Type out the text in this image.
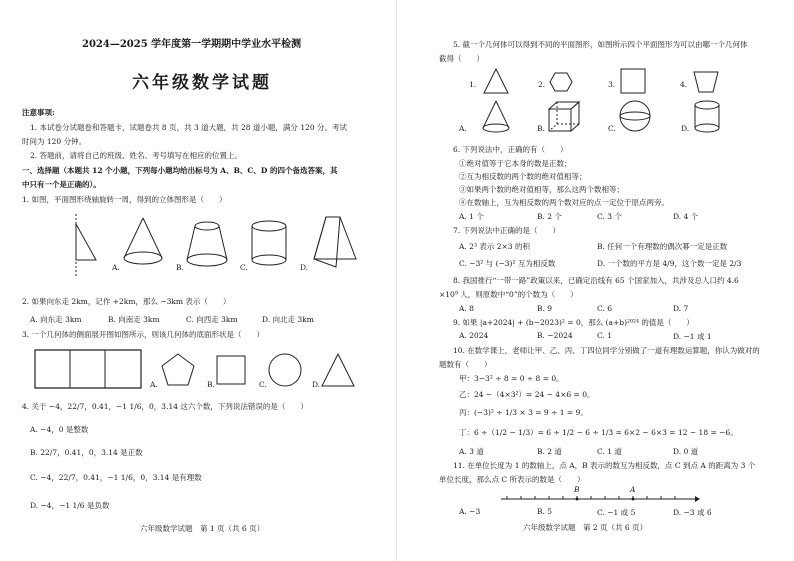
2024—2025 学年度第一学期期中学业水平检测
六年级数学试题
注意事项:
1. 本试卷分试题卷和答题卡，试题卷共 8 页，共 3 道大题，共 28 道小题，满分 120 分。考试
时间为 120 分钟。
2. 答题前，请将自己的班级、姓名、考号填写在相应的位置上。
一、选择题（本题共 12 个小题，下列每小题均给出标号为 A、B、C、D 的四个备选答案，其
中只有一个是正确的）。
1. 如图，平面图形绕轴旋转一周，得到的立体图形是（　　）
A.	B.	C.	D.
2. 如果向东走 2km，记作 +2km，那么 −3km 表示（　　）
A. 向东走 3km	B. 向南走 3km	C. 向西走 3km	D. 向北走 3km
3. 一个几何体的侧面展开图如图所示，则该几何体的底面形状是（　　）
A.	B.	C.	D.
4. 关于 −4，22/7，0.41，−1 1/6，0，3.14 这六个数，下列说法错误的是（　　）
A. −4，0 是整数
B. 22/7，0.41，0，3.14 是正数
C. −4，22/7，0.41，−1 1/6，0，3.14 是有理数
D. −4，−1 1/6 是负数
六年级数学试题　第 1 页（共 6 页）
5. 截一个几何体可以得到不同的平面图形，如图所示四个平面图形为可以由哪一个几何体
截得（　　）
1.	2.	3.	4.
A.	B.	C.	D.
6. 下列说法中，正确的有（　　）
①绝对值等于它本身的数是正数；
②互为相反数的两个数的绝对值相等；
③如果两个数的绝对值相等，那么这两个数相等；
④在数轴上，互为相反数的两个数对应的点一定位于原点两旁。
A. 1 个	B. 2 个	C. 3 个	D. 4 个
7. 下列说法中正确的是（　　）
A. 2³ 表示 2×3 的积	B. 任何一个有理数的偶次幂一定是正数
C. −3² 与 (−3)² 互为相反数	D. 一个数的平方是 4/9，这个数一定是 2/3
8. 我国推行“一带一路”政策以来，已确定沿线有 65 个国家加入，共涉及总人口约 4.6
×10⁹ 人，则原数中“0”的个数为（　　）
A. 8	B. 9	C. 6	D. 7
9. 如果 |a+2024| + (b−2023)² = 0，那么 (a+b)²⁰²⁴ 的值是（　　）
A. 2024	B. −2024	C. 1	D. −1 或 1
10. 在数学课上，老师让甲、乙、丙、丁四位同学分别做了一道有理数运算题，你认为做对的
题数有（　　）
甲：3−3² ÷ 8 = 0 ÷ 8 = 0。
乙：24 −（4×3²）= 24 − 4×6 = 0。
丙：(−3)² ÷ 1/3 × 3 = 9 ÷ 1 = 9。
丁：6 ÷（1/2 − 1/3）= 6 ÷ 1/2 − 6 ÷ 1/3 = 6×2 − 6×3 = 12 − 18 = −6。
A. 3 道	B. 2 道	C. 1 道	D. 0 道
11. 在单位长度为 1 的数轴上，点 A，B 表示的数互为相反数，点 C 到点 A 的距离为 3 个
单位长度，那么点 C 所表示的数是（　　）
B	A
A. −3	B. 5	C. −1 或 5	D. −3 或 6
六年级数学试题　第 2 页（共 6 页）
